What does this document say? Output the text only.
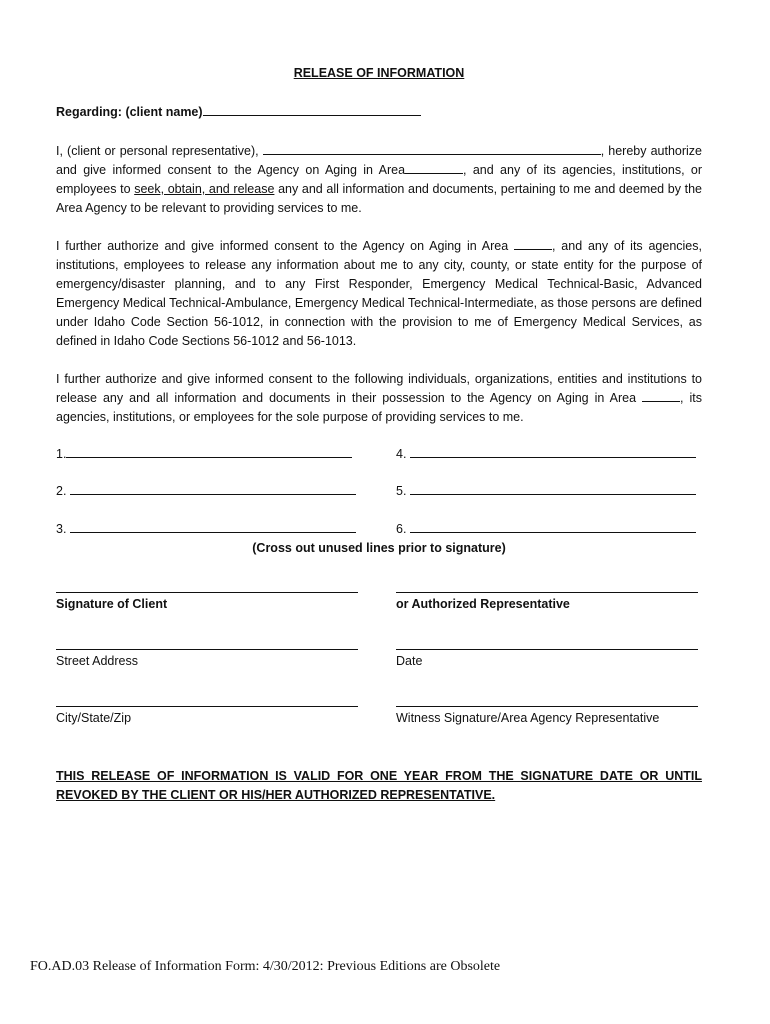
RELEASE OF INFORMATION
Regarding: (client name)
I, (client or personal representative),	, hereby authorize and give informed consent to the Agency on Aging in Area	, and any of its agencies, institutions, or employees to seek, obtain, and release any and all information and documents, pertaining to me and deemed by the Area Agency to be relevant to providing services to me.
I further authorize and give informed consent to the Agency on Aging in Area	, and any of its agencies, institutions, employees to release any information about me to any city, county, or state entity for the purpose of emergency/disaster planning, and to any First Responder, Emergency Medical Technical-Basic, Advanced Emergency Medical Technical-Ambulance, Emergency Medical Technical-Intermediate, as those persons are defined under Idaho Code Section 56-1012, in connection with the provision to me of Emergency Medical Services, as defined in Idaho Code Sections 56-1012 and 56-1013.
I further authorize and give informed consent to the following individuals, organizations, entities and institutions to release any and all information and documents in their possession to the Agency on Aging in Area	, its agencies, institutions, or employees for the sole purpose of providing services to me.
1.	4.
2.	5.
3.	6.
(Cross out unused lines prior to signature)
Signature of Client	or Authorized Representative
Street Address	Date
City/State/Zip	Witness Signature/Area Agency Representative
THIS RELEASE OF INFORMATION IS VALID FOR ONE YEAR FROM THE SIGNATURE DATE OR UNTIL REVOKED BY THE CLIENT OR HIS/HER AUTHORIZED REPRESENTATIVE.
FO.AD.03 Release of Information Form: 4/30/2012: Previous Editions are Obsolete
